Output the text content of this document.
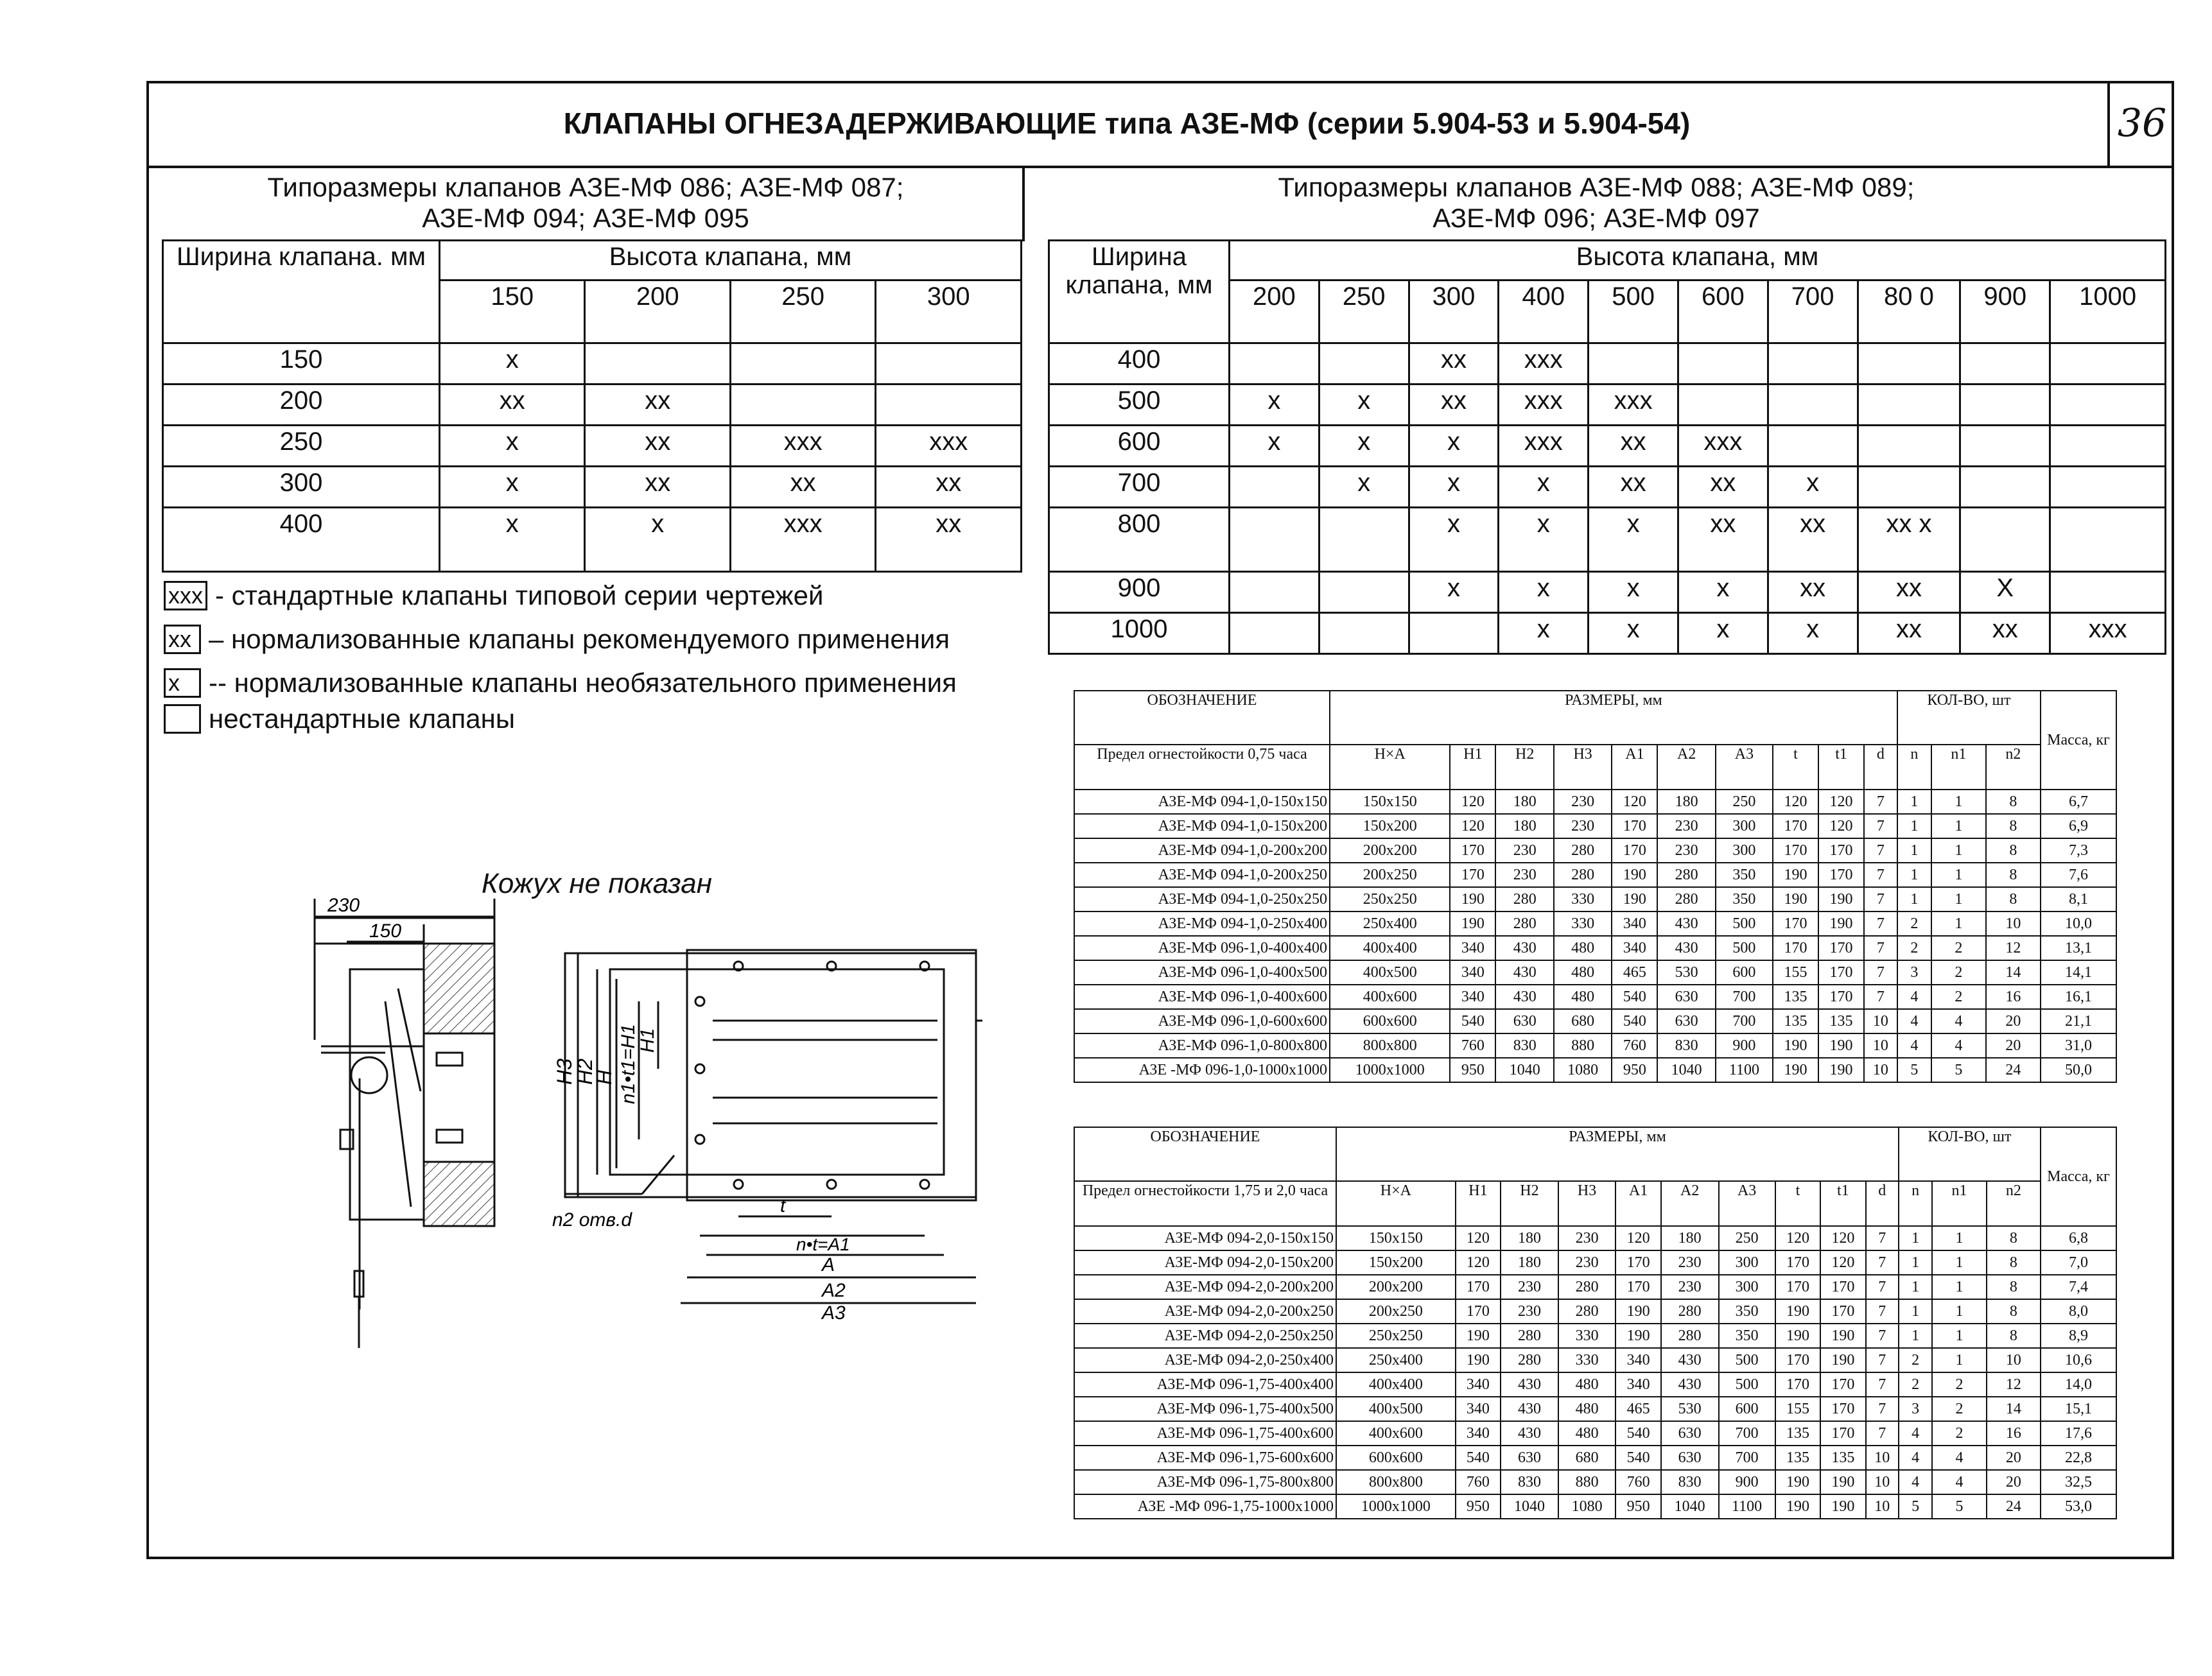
КЛАПАНЫ ОГНЕЗАДЕРЖИВАЮЩИЕ типа АЗЕ-МФ (серии 5.904-53 и 5.904-54)	36
Типоразмеры клапанов АЗЕ-МФ 086; АЗЕ-МФ 087;
АЗЕ-МФ 094; АЗЕ-МФ 095
Типоразмеры клапанов АЗЕ-МФ 088; АЗЕ-МФ 089;
АЗЕ-МФ 096; АЗЕ-МФ 097
Ширина клапана. мм	Высота клапана, мм			
	150	200	250	300
150	x			
200	xx	xx		
250	x	xx	xxx	xxx
300	x	xx	xx	xx
400	x	x	xxx	xx
Ширина клапана, мм	Высота клапана, мм									
	200	250	300	400	500	600	700	80 0	900	1000
400			xx	xxx						
500	x	x	xx	xxx	xxx					
600	x	x	x	xxx	xx	xxx				
700		x	x	x	xx	xx	x			
800			x	x	x	xx	xx	xx x		
900			x	x	x	x	xx	xx	X	
1000				x	x	x	x	xx	xx	xxx
xxx - стандартные клапаны типовой серии чертежей
xx – нормализованные клапаны рекомендуемого применения
x	-- нормализованные клапаны необязательного применения
нестандартные клапаны
Кожух не показан
230
150
H3
H2
H n1•t1=H1
H1
n2 отв.d
t
n•t=A1
A
A2
A3
ОБОЗНАЧЕНИЕ	РАЗМЕРЫ, мм										КОЛ-ВО, шт			Масса, кг
Предел огнестойкости 0,75 часа	H×A	H1	H2	H3	A1	A2	A3	t	t1	d	n	n1	n2	
АЗЕ-МФ 094-1,0-150x150	150x150	120	180	230	120	180	250	120	120	7	1	1	8	6,7
АЗЕ-МФ 094-1,0-150x200	150x200	120	180	230	170	230	300	170	120	7	1	1	8	6,9
АЗЕ-МФ 094-1,0-200x200	200x200	170	230	280	170	230	300	170	170	7	1	1	8	7,3
АЗЕ-МФ 094-1,0-200x250	200x250	170	230	280	190	280	350	190	170	7	1	1	8	7,6
АЗЕ-МФ 094-1,0-250x250	250x250	190	280	330	190	280	350	190	190	7	1	1	8	8,1
АЗЕ-МФ 094-1,0-250x400	250x400	190	280	330	340	430	500	170	190	7	2	1	10	10,0
АЗЕ-МФ 096-1,0-400x400	400x400	340	430	480	340	430	500	170	170	7	2	2	12	13,1
АЗЕ-МФ 096-1,0-400x500	400x500	340	430	480	465	530	600	155	170	7	3	2	14	14,1
АЗЕ-МФ 096-1,0-400x600	400x600	340	430	480	540	630	700	135	170	7	4	2	16	16,1
АЗЕ-МФ 096-1,0-600x600	600x600	540	630	680	540	630	700	135	135	10	4	4	20	21,1
АЗЕ-МФ 096-1,0-800x800	800x800	760	830	880	760	830	900	190	190	10	4	4	20	31,0
АЗЕ -МФ 096-1,0-1000x1000	1000x1000	950	1040	1080	950	1040	1100	190	190	10	5	5	24	50,0
ОБОЗНАЧЕНИЕ	РАЗМЕРЫ, мм										КОЛ-ВО, шт			Масса, кг
Предел огнестойкости 1,75 и 2,0 часа	H×A	H1	H2	H3	A1	A2	A3	t	t1	d	n	n1	n2	
АЗЕ-МФ 094-2,0-150x150	150x150	120	180	230	120	180	250	120	120	7	1	1	8	6,8
АЗЕ-МФ 094-2,0-150x200	150x200	120	180	230	170	230	300	170	120	7	1	1	8	7,0
АЗЕ-МФ 094-2,0-200x200	200x200	170	230	280	170	230	300	170	170	7	1	1	8	7,4
АЗЕ-МФ 094-2,0-200x250	200x250	170	230	280	190	280	350	190	170	7	1	1	8	8,0
АЗЕ-МФ 094-2,0-250x250	250x250	190	280	330	190	280	350	190	190	7	1	1	8	8,9
АЗЕ-МФ 094-2,0-250x400	250x400	190	280	330	340	430	500	170	190	7	2	1	10	10,6
АЗЕ-МФ 096-1,75-400x400	400x400	340	430	480	340	430	500	170	170	7	2	2	12	14,0
АЗЕ-МФ 096-1,75-400x500	400x500	340	430	480	465	530	600	155	170	7	3	2	14	15,1
АЗЕ-МФ 096-1,75-400x600	400x600	340	430	480	540	630	700	135	170	7	4	2	16	17,6
АЗЕ-МФ 096-1,75-600x600	600x600	540	630	680	540	630	700	135	135	10	4	4	20	22,8
АЗЕ-МФ 096-1,75-800x800	800x800	760	830	880	760	830	900	190	190	10	4	4	20	32,5
АЗЕ -МФ 096-1,75-1000x1000	1000x1000	950	1040	1080	950	1040	1100	190	190	10	5	5	24	53,0
